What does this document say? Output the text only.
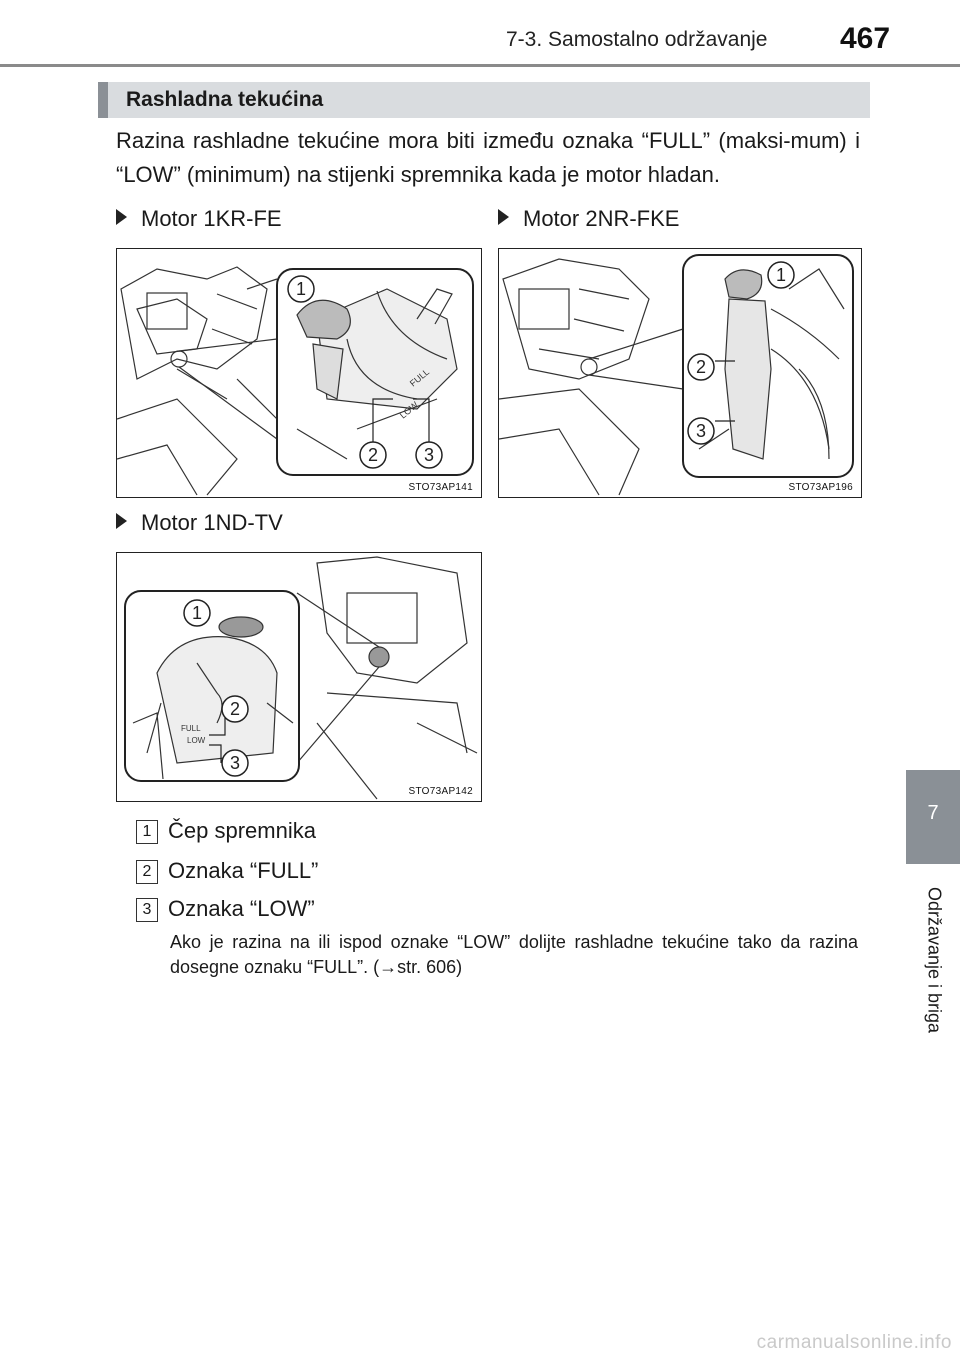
7-3. Samostalno održavanje 467
Rashladna tekućina
Razina rashladne tekućine mora biti između oznaka “FULL” (maksi-mum) i “LOW” (minimum) na stijenki spremnika kada je motor hladan.
Motor 1KR-FE	Motor 2NR-FKE
Motor 1ND-TV
FULL
LOW
1
2	3
STO73AP141
1
2
3
STO73AP196
FULL
LOW
1
2
3
STO73AP142
1 Čep spremnika
2 Oznaka “FULL”
3 Oznaka “LOW”
Ako je razina na ili ispod oznake “LOW” dolijte rashladne tekućine tako da razina dosegne oznaku “FULL”. (→str. 606)
7
Održavanje i briga
carmanualsonline.info
